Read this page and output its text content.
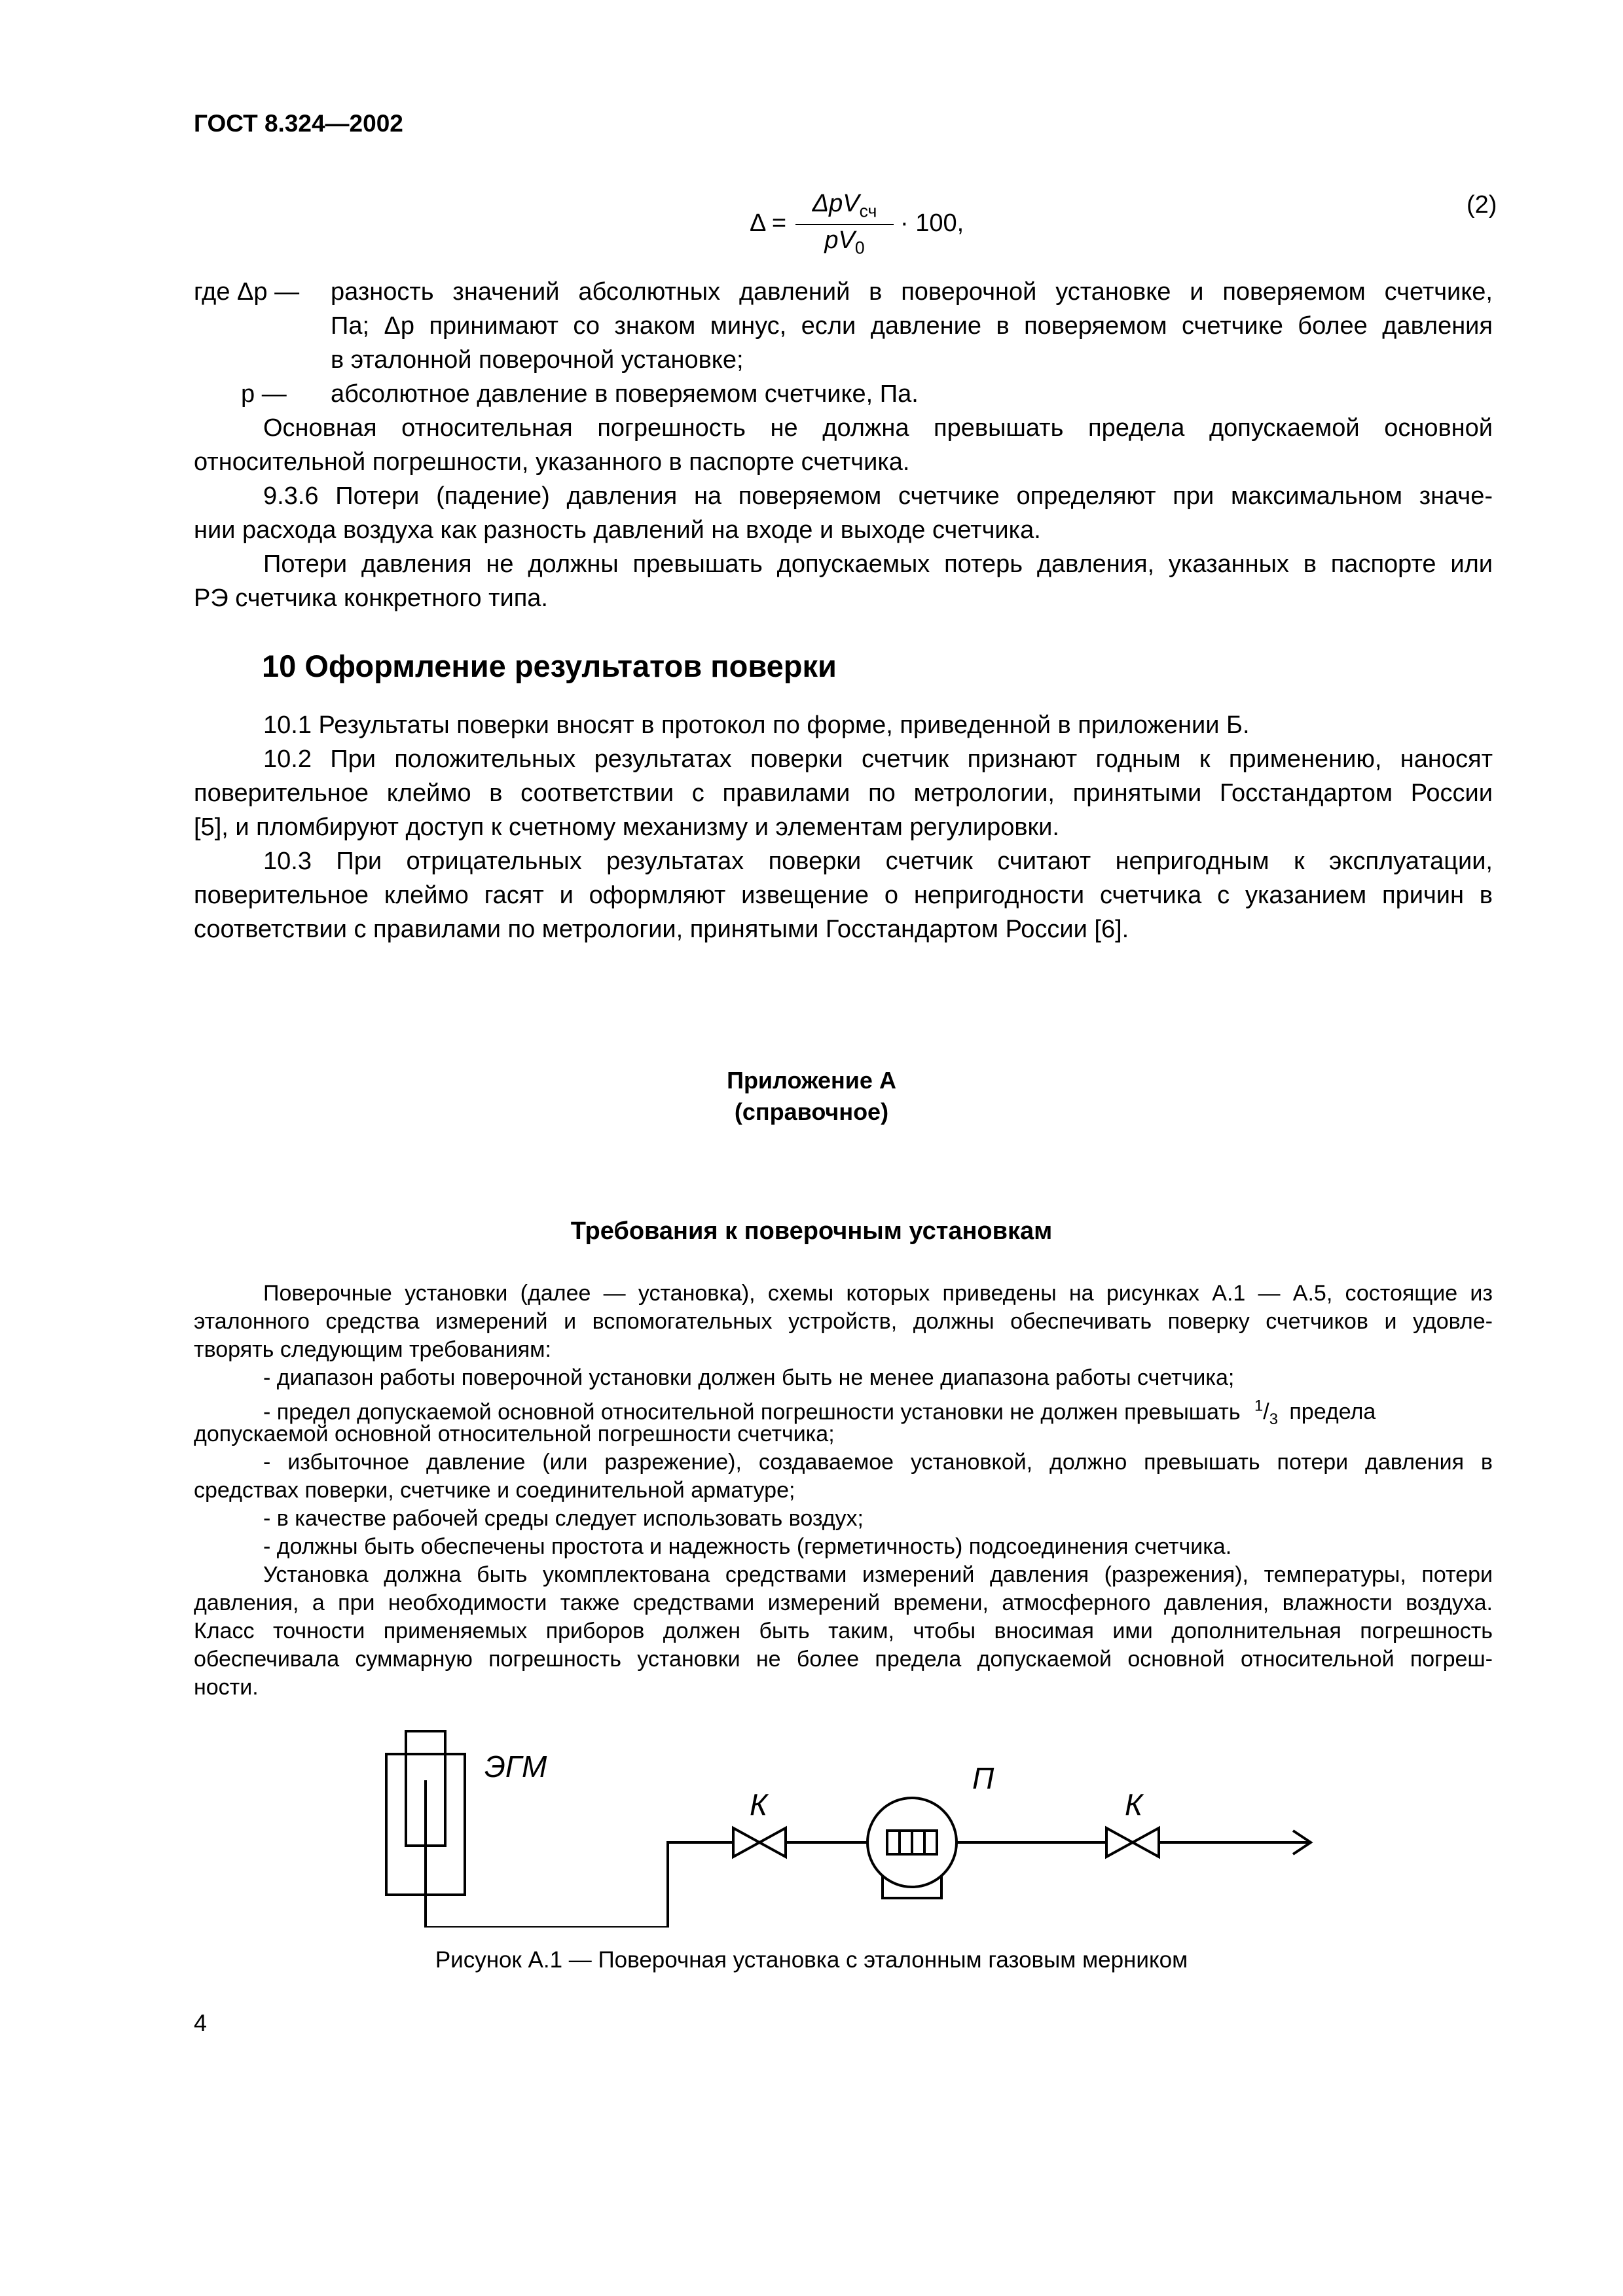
ГОСТ 8.324—2002
Δ =
ΔpV$_{сч}$
$pV_0$
· 100,
(2)
где Δp — разность значений абсолютных давлений в поверочной установке и поверяемом счетчике,
Па; Δp принимают со знаком минус, если давление в поверяемом счетчике более давления
в эталонной поверочной установке;
p — абсолютное давление в поверяемом счетчике, Па.
Основная относительная погрешность не должна превышать предела допускаемой основной
относительной погрешности, указанного в паспорте счетчика.
9.3.6 Потери (падение) давления на поверяемом счетчике определяют при максимальном значе-
нии расхода воздуха как разность давлений на входе и выходе счетчика.
Потери давления не должны превышать допускаемых потерь давления, указанных в паспорте или
РЭ счетчика конкретного типа.
10 Оформление результатов поверки
10.1 Результаты поверки вносят в протокол по форме, приведенной в приложении Б.
10.2 При положительных результатах поверки счетчик признают годным к применению, наносят
поверительное клеймо в соответствии с правилами по метрологии, принятыми Госстандартом России
[5], и пломбируют доступ к счетному механизму и элементам регулировки.
10.3 При отрицательных результатах поверки счетчик считают непригодным к эксплуатации,
поверительное клеймо гасят и оформляют извещение о непригодности счетчика с указанием причин в
соответствии с правилами по метрологии, принятыми Госстандартом России [6].
Приложение А
(справочное)
Требования к поверочным установкам
Поверочные установки (далее — установка), схемы которых приведены на рисунках А.1 — А.5, состоящие из
эталонного средства измерений и вспомогательных устройств, должны обеспечивать поверку счетчиков и удовле-
творять следующим требованиям:
- диапазон работы поверочной установки должен быть не менее диапазона работы счетчика;
- предел допускаемой основной относительной погрешности установки не должен превышать $^1/_3$ предела
допускаемой основной относительной погрешности счетчика;
- избыточное давление (или разрежение), создаваемое установкой, должно превышать потери давления в
средствах поверки, счетчике и соединительной арматуре;
- в качестве рабочей среды следует использовать воздух;
- должны быть обеспечены простота и надежность (герметичность) подсоединения счетчика.
Установка должна быть укомплектована средствами измерений давления (разрежения), температуры, потери
давления, а при необходимости также средствами измерений времени, атмосферного давления, влажности воздуха.
Класс точности применяемых приборов должен быть таким, чтобы вносимая ими дополнительная погрешность
обеспечивала суммарную погрешность установки не более предела допускаемой основной относительной погреш-
ности.
ЭГМ
К
П
К
Рисунок А.1 — Поверочная установка с эталонным газовым мерником
4
